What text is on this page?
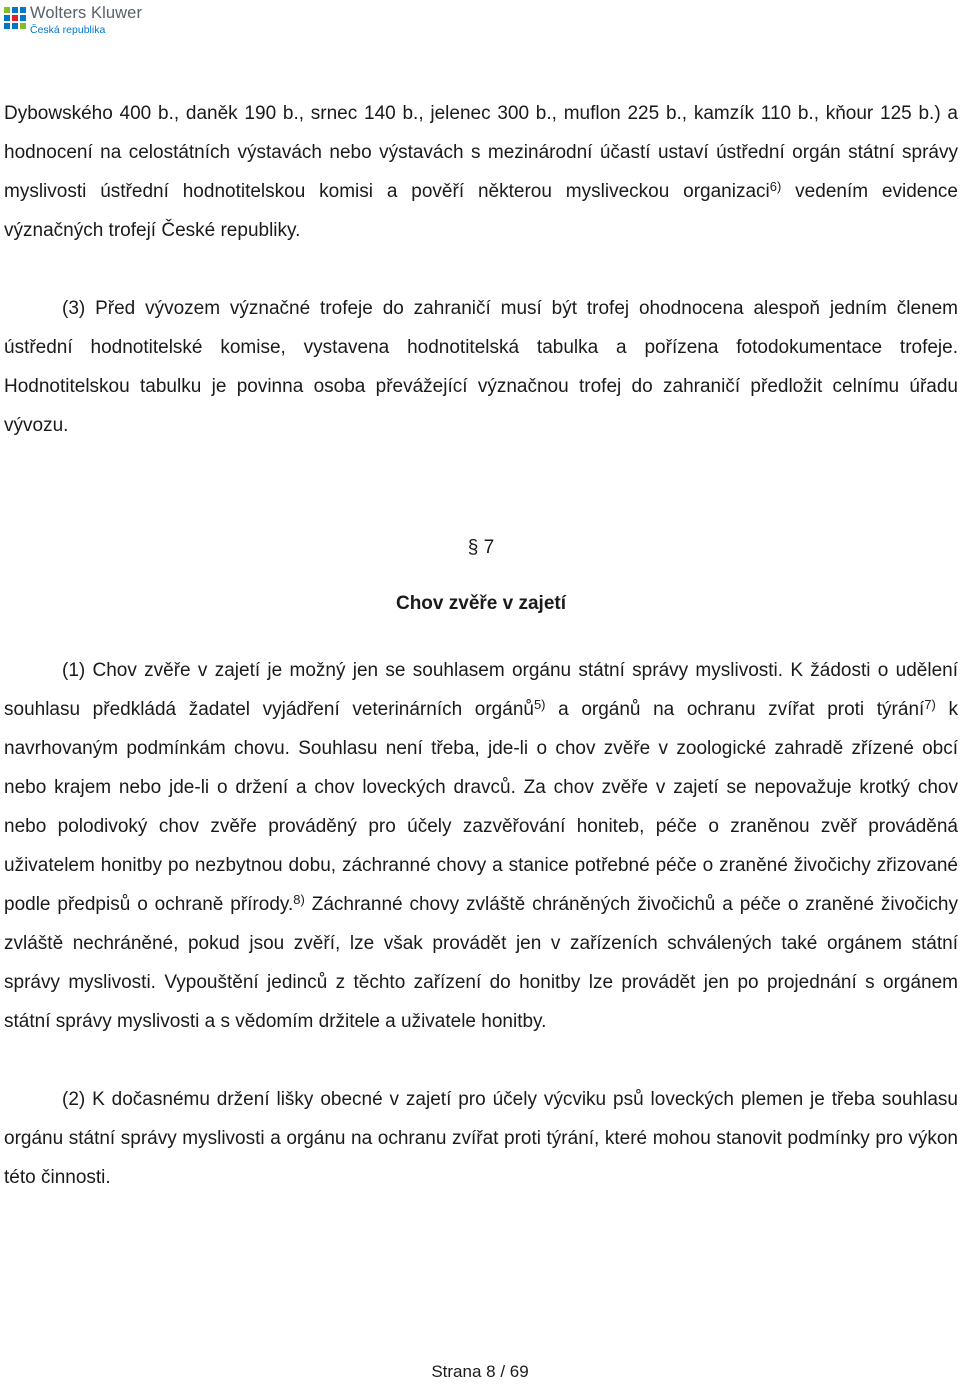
Wolters Kluwer
Česká republika

Dybowského 400 b., daněk 190 b., srnec 140 b., jelenec 300 b., muflon 225 b., kamzík 110 b., kňour 125 b.) a hodnocení na celostátních výstavách nebo výstavách s mezinárodní účastí ustaví ústřední orgán státní správy myslivosti ústřední hodnotitelskou komisi a pověří některou mysliveckou organizaci$^{6)}$ vedením evidence význačných trofejí České republiky.

(3) Před vývozem význačné trofeje do zahraničí musí být trofej ohodnocena alespoň jedním členem ústřední hodnotitelské komise, vystavena hodnotitelská tabulka a pořízena fotodokumentace trofeje. Hodnotitelskou tabulku je povinna osoba převážející význačnou trofej do zahraničí předložit celnímu úřadu vývozu.

§ 7

Chov zvěře v zajetí

(1) Chov zvěře v zajetí je možný jen se souhlasem orgánu státní správy myslivosti. K žádosti o udělení souhlasu předkládá žadatel vyjádření veterinárních orgánů$^{5)}$ a orgánů na ochranu zvířat proti týrání$^{7)}$ k navrhovaným podmínkám chovu. Souhlasu není třeba, jde-li o chov zvěře v zoologické zahradě zřízené obcí nebo krajem nebo jde-li o držení a chov loveckých dravců. Za chov zvěře v zajetí se nepovažuje krotký chov nebo polodivoký chov zvěře prováděný pro účely zazvěřování honiteb, péče o zraněnou zvěř prováděná uživatelem honitby po nezbytnou dobu, záchranné chovy a stanice potřebné péče o zraněné živočichy zřizované podle předpisů o ochraně přírody.$^{8)}$ Záchranné chovy zvláště chráněných živočichů a péče o zraněné živočichy zvláště nechráněné, pokud jsou zvěří, lze však provádět jen v zařízeních schválených také orgánem státní správy myslivosti. Vypouštění jedinců z těchto zařízení do honitby lze provádět jen po projednání s orgánem státní správy myslivosti a s vědomím držitele a uživatele honitby.

(2) K dočasnému držení lišky obecné v zajetí pro účely výcviku psů loveckých plemen je třeba souhlasu orgánu státní správy myslivosti a orgánu na ochranu zvířat proti týrání, které mohou stanovit podmínky pro výkon této činnosti.

Strana 8 / 69
